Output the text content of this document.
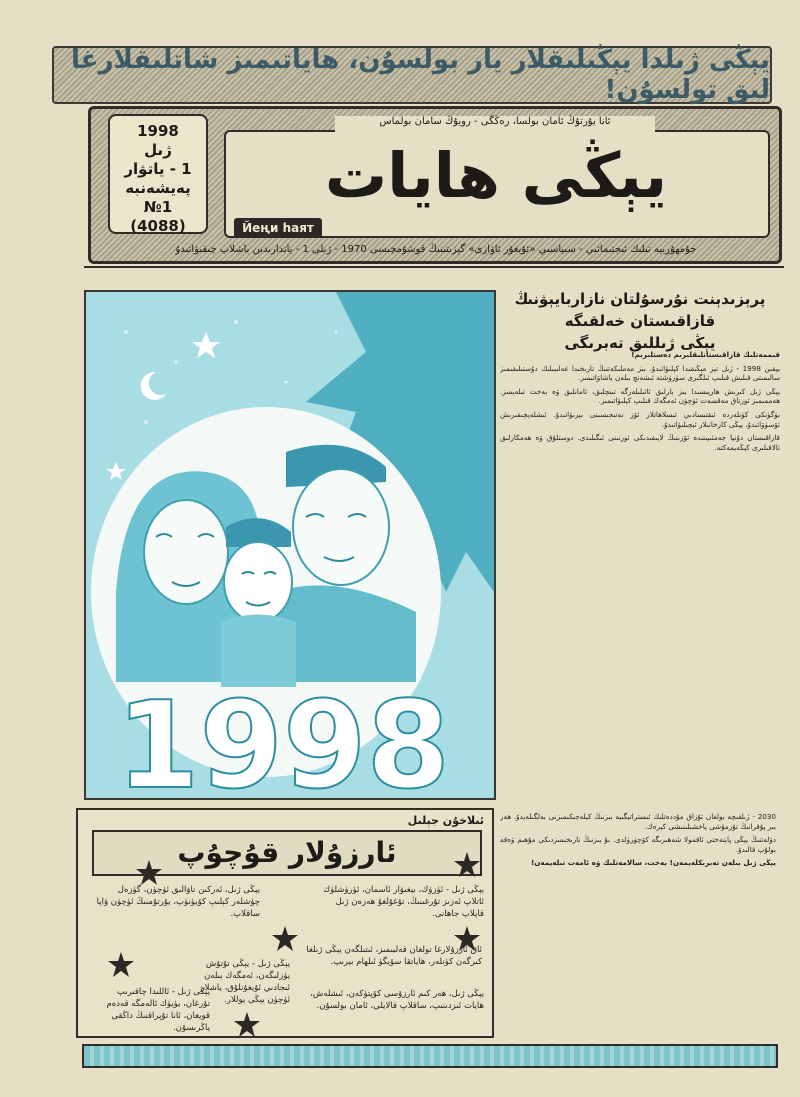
يېڭى ژىلدا يېڭىلىقلار يار بولسۇن، ھاياتىمىز شاتلىقلارغا لىق تولسۇن!
1998
ژىل
1 - ياتۋار
پەيشەنبە
№1
(4088)
ئانا يۇرتۇڭ ئامان بولسا، رەڭگى - رويۇڭ سامان بولماس
يېڭى ھايات
Йеңи һаят
جۇمھۇرىيە تىلىك ئىجتىمائىي - سىياسىي «ئۇيغۇر ئاۋازى» گېزىتىنىڭ قوشۇمچىسى 1970 - ژىلى 1 - ياندارىدىن باشلاپ چىقىۋاتىدۇ
1998
پرېزىدېنت نۇرسۇلتان نازاربايېۋنىڭ قازاقىستان خەلقىگە
يېڭى ژىللىق تەبرىگى

قىممەتلىك قازاقىستانلىقلىرىم دەستلىرىم!

يېقىن 1998 - ژىل تېز مېڭىقىدا كېلىۋاتىدۇ. بىز مەملىكەتنىڭ تارىخىدا غەلىبىلىك دۇستىلىقىمىز سالىمىتى قىلىش قىلىپ ئىلگىرى سۈرۈشتە ئىشەنچ بىلەن ياشاۋاتىمىز.

يېڭى ژىل كىرىش ھارپىسىدا بىز بارلىق ئائىلىلەرگە تىنچلىق، ئامانلىق ۋە بەخت تىلەيمىز. ھەممىمىز ئورتاق مەقسەت ئۈچۈن ئەمگەك قىلىپ كېلىۋاتىمىز.

بۈگۈنكى كۈنلەردە ئىقتىسادىي ئىسلاھاتلار ئۆز نەتىجىسىنى بېرىۋاتىدۇ. ئىشلەپچىقىرىش ئۆسۈۋاتىدۇ، يېڭى كارخانىلار ئېچىلىۋاتىدۇ.

قازاقىستان دۇنيا جەمئىيىتىدە ئۆزىنىڭ لايىقىدىكى ئورنىنى ئىگىلىدى. دوستلۇق ۋە ھەمكارلىق ئالاقىلىرى كېڭەيمەكتە.

2030 - ژىلغىچە بولغان ئۇزاق مۇددەتلىك ئىستراتېگىيە بىزنىڭ كېلەچىكىمىزنى بەلگىلەيدۇ. ھەر بىر پۇقرانىڭ تۇرمۇشى ياخشىلىنىشى كېرەك.

دۆلەتنىڭ يېڭى پايتەختى ئاقمولا شەھىرىگە كۆچۈرۈلدى. بۇ بىزنىڭ تارىخىمىزدىكى مۇھىم ۋەقە بولۇپ قالىدۇ.

يېڭى ژىل بىلەن تەبرىكلەيمەن! بەخت، سالامەتلىك ۋە ئامەت تىلەيمەن!

ئىلاخۇن جېلىل
ئارزۇلار قۇچۇپ
يېڭى ژىل - ئۈزۈك، بېغىۋار ئاسمان، ئۈرۈشلۈك ئاتلاپ ئەزىز تۇرغىنىڭ، تۇغۇلغۇ ھەزەن ژىل قاپلاپ جاھانى.
يېڭى ژىل، ئەركىن ناۋالىق ئۈچۈن، گۈزەل چۈشلەر كېلىپ كۆيۈنۈپ، يۇرتۇمنىڭ ئۈچۈن ۋاپا ساقلاپ.
ئاق ئارزۇلارغا تولغان قەلبىمىز، ئىتىلگەن يېڭى ژىلغا كىرگەن كۈنلەر، ھاياتقا سۆيگۈ ئىلھام بېرىپ.
يېڭى ژىل - يېڭى تۇتۇش يۈزلىگەن، ئەمگەك بىلەن ئىجادىي ئۇيغۇنلۇق، ياشلار ئۈچۈن يېڭى يوللار.
يېڭى ژىل - ئاللىدا چاقىرىپ تۇرغان، بۈيۈك ئالەمگە قەدەم قويغان، ئانا تۇپراقنىڭ داڭقى ياڭرىسۇن.
يېڭى ژىل، ھەر كىم ئارزۇسى كۆپتۈكەن، ئىشلەش، ھايات ئىزدىنىپ، ساقلاپ قالايلى، ئامان بولسۇن.
